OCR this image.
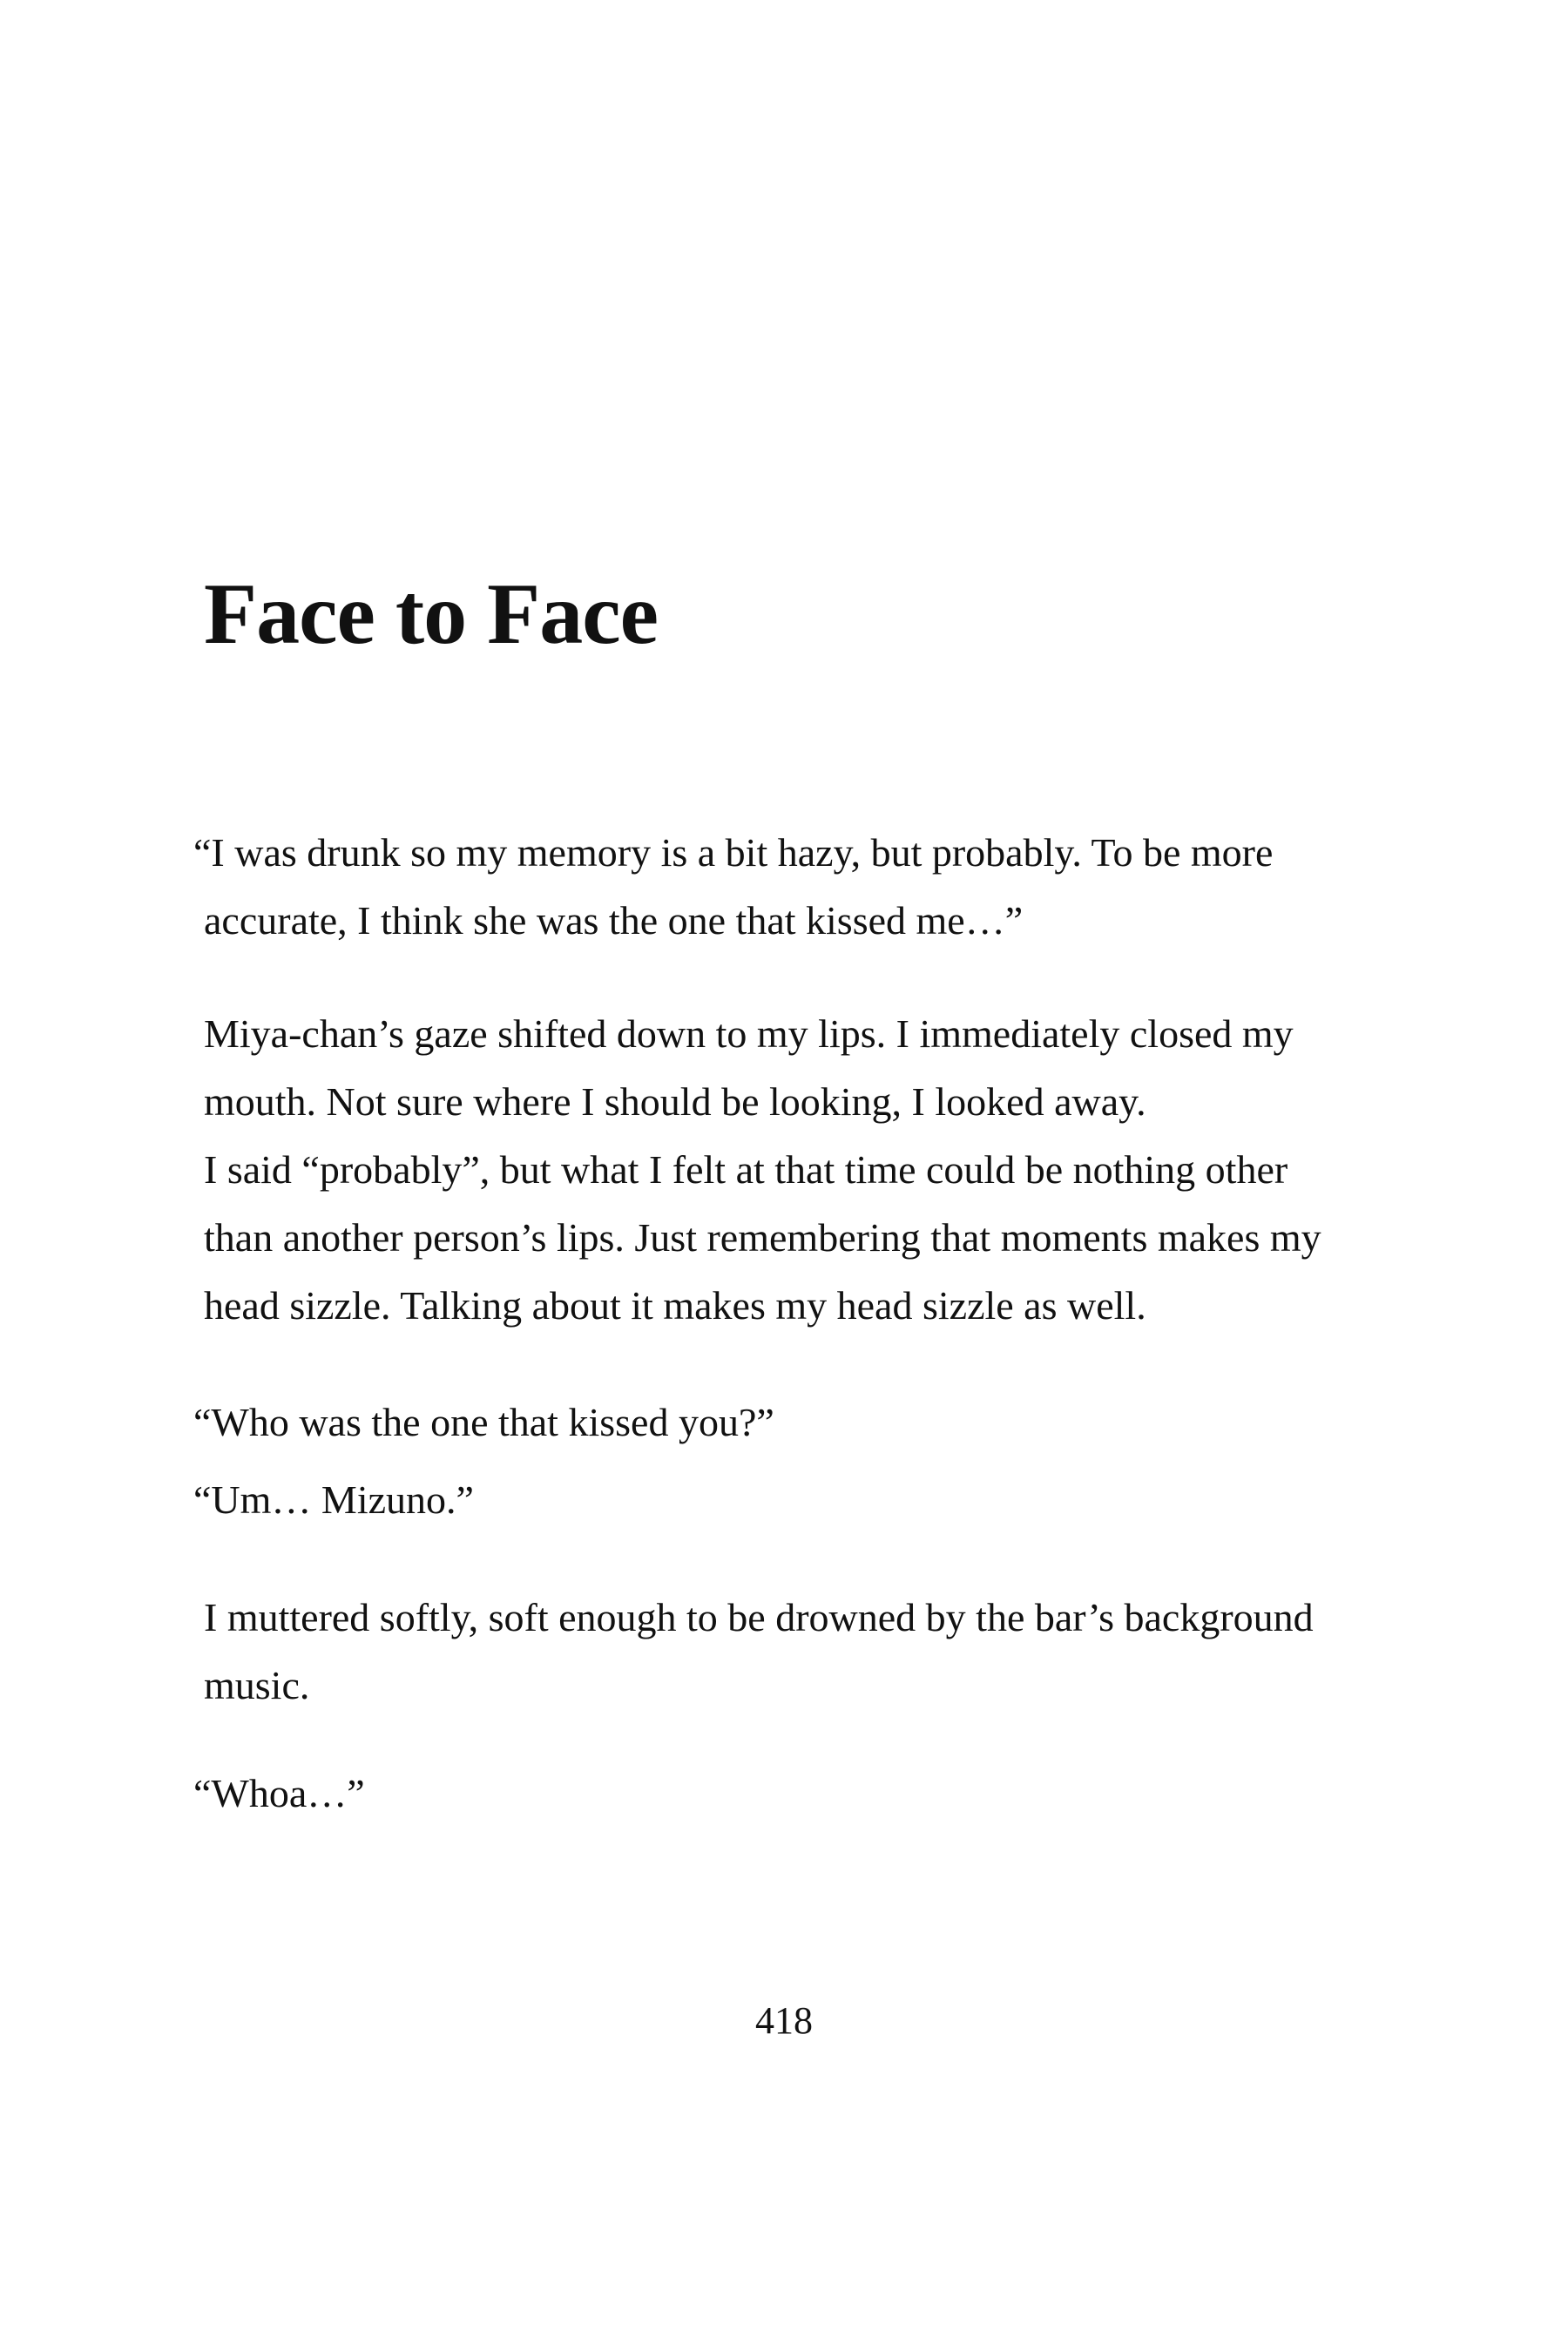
Face to Face

“I was drunk so my memory is a bit hazy, but probably. To be more
accurate, I think she was the one that kissed me…”

Miya-chan’s gaze shifted down to my lips. I immediately closed my
mouth. Not sure where I should be looking, I looked away.

I said “probably”, but what I felt at that time could be nothing other
than another person’s lips. Just remembering that moments makes my
head sizzle. Talking about it makes my head sizzle as well.

“Who was the one that kissed you?”

“Um… Mizuno.”

I muttered softly, soft enough to be drowned by the bar’s background
music.

“Whoa…”

418
